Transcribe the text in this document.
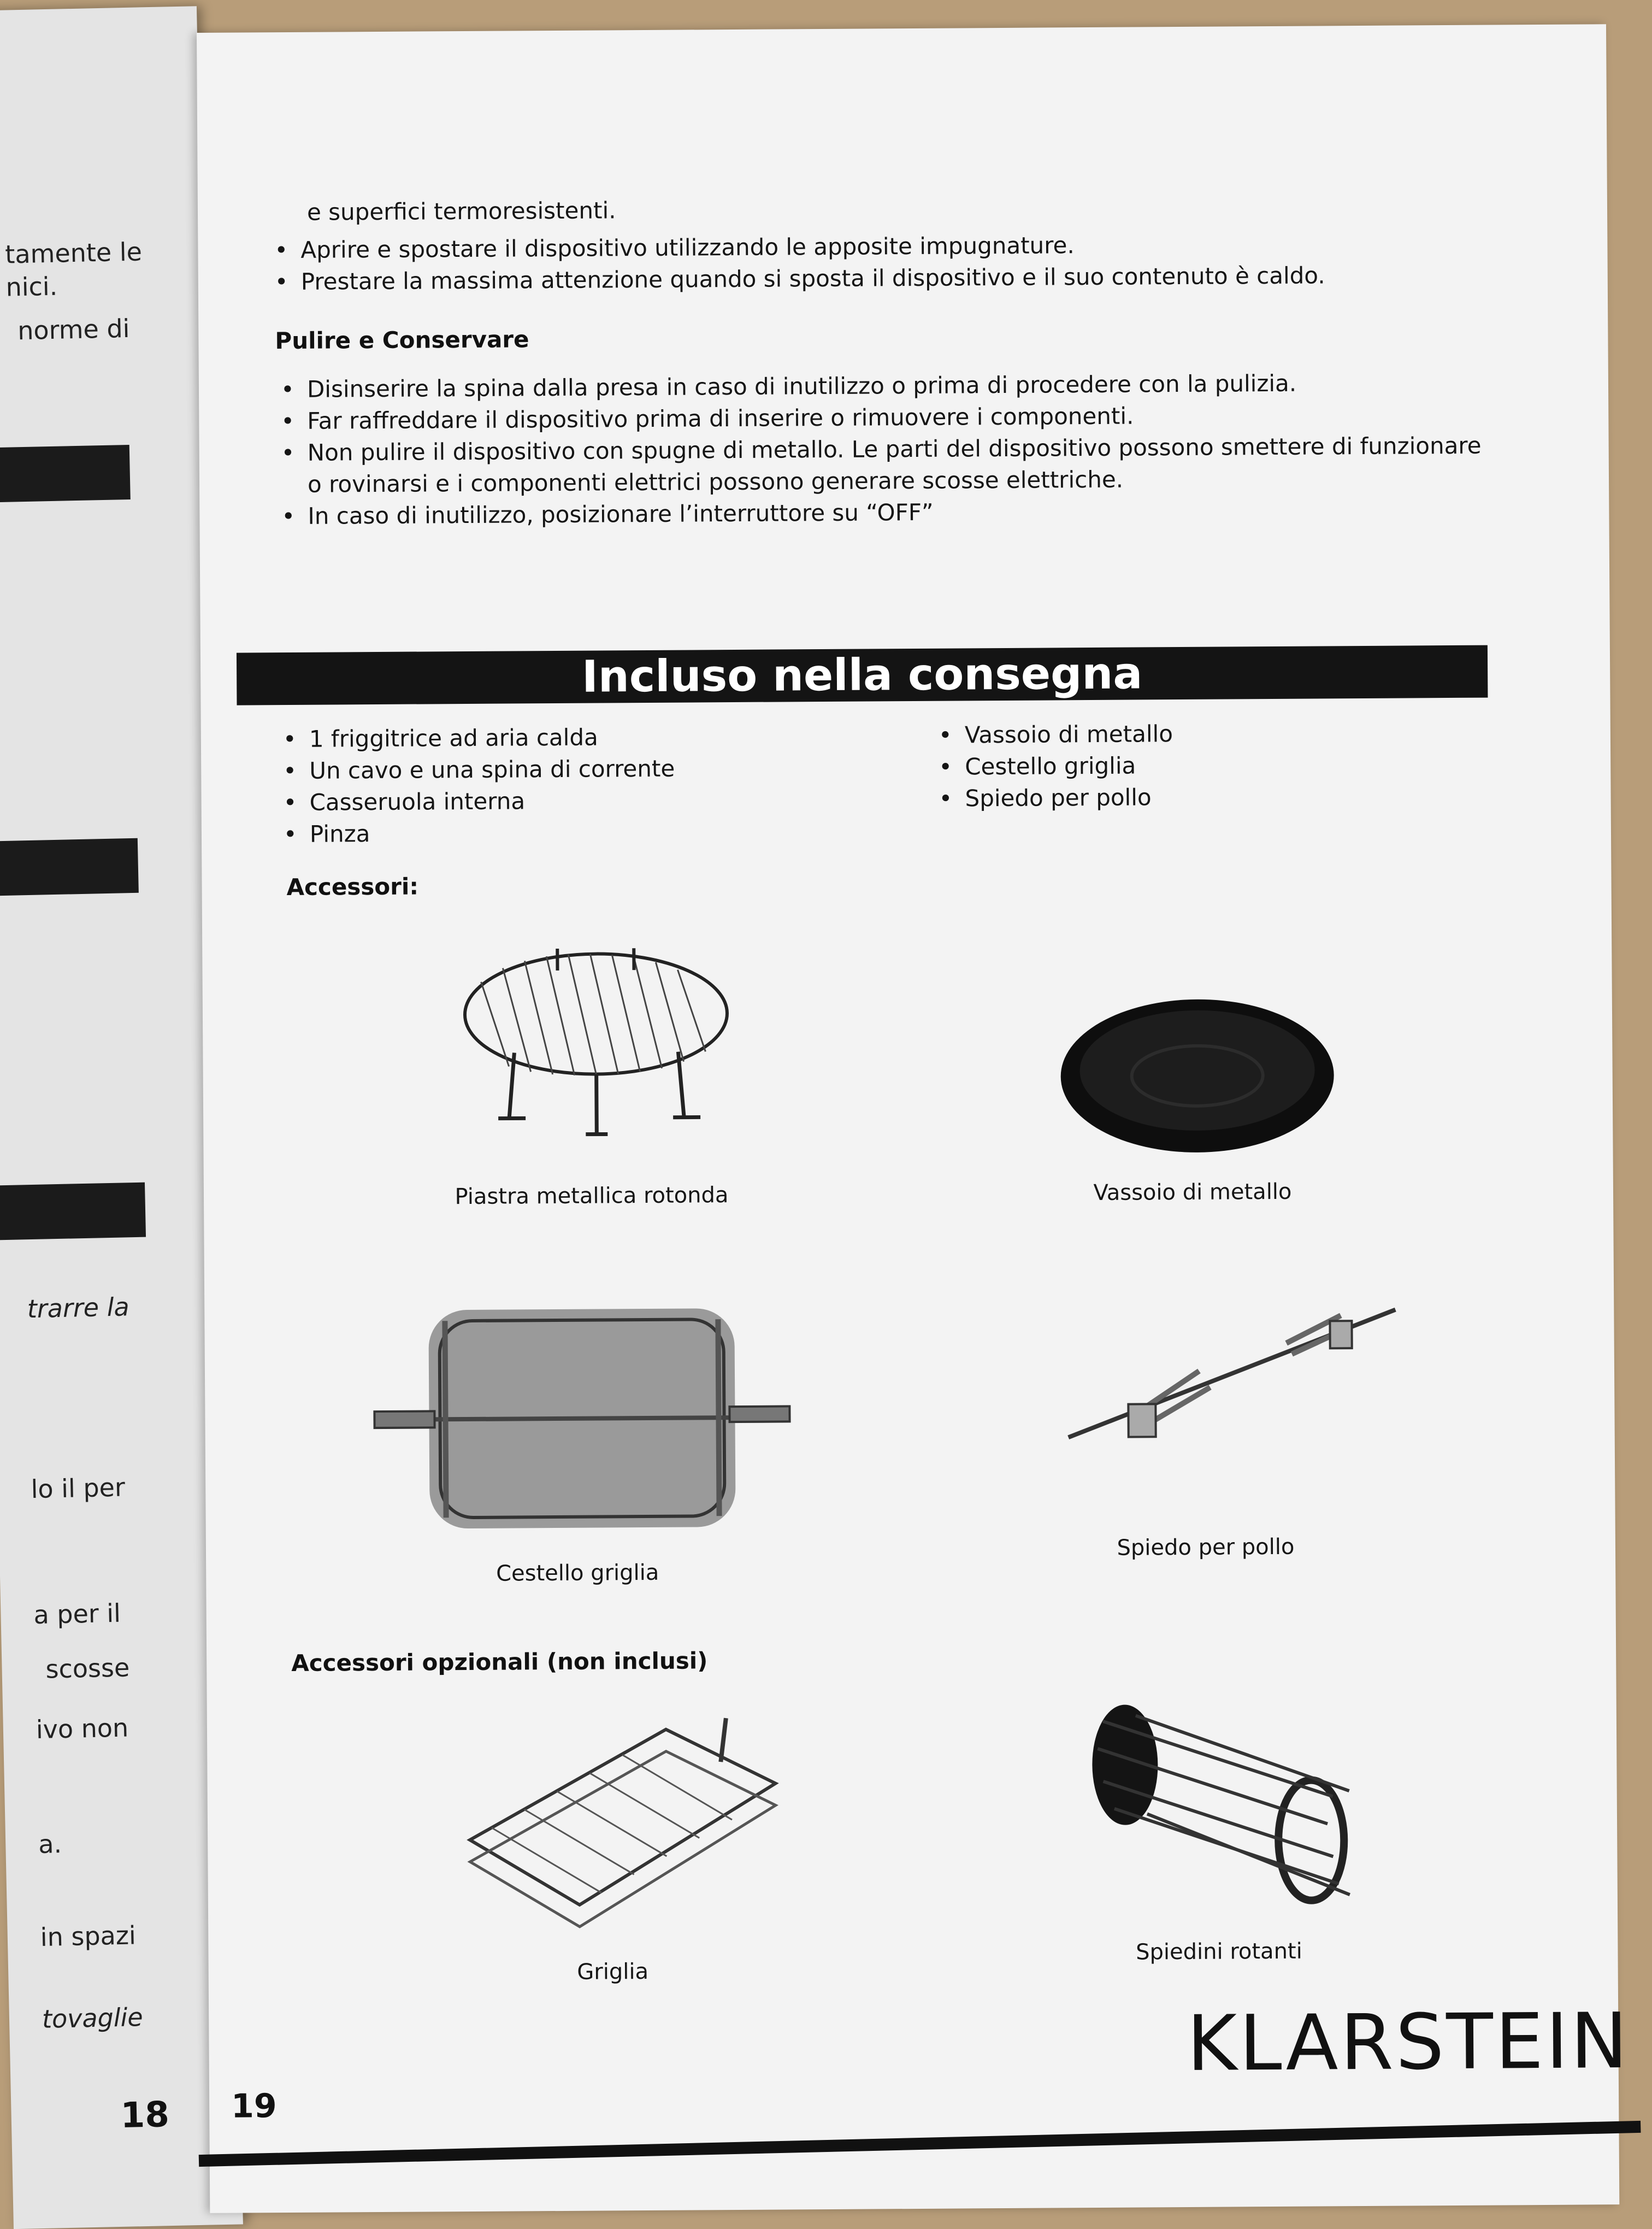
tamente le
nici.
norme di
trarre la
lo il per
a per il
scosse
ivo non
a.
in spazi
tovaglie
18
e superfici termoresistenti.
• Aprire e spostare il dispositivo utilizzando le apposite impugnature.
• Prestare la massima attenzione quando si sposta il dispositivo e il suo contenuto è caldo.
Pulire e Conservare
• Disinserire la spina dalla presa in caso di inutilizzo o prima di procedere con la pulizia.
• Far raffreddare il dispositivo prima di inserire o rimuovere i componenti.
• Non pulire il dispositivo con spugne di metallo. Le parti del dispositivo possono smettere di funzionare o rovinarsi e i componenti elettrici possono generare scosse elettriche.
• In caso di inutilizzo, posizionare l’interruttore su “OFF”
Incluso nella consegna
• 1 friggitrice ad aria calda
• Un cavo e una spina di corrente
• Casseruola interna
• Pinza
• Vassoio di metallo
• Cestello griglia
• Spiedo per pollo
Accessori:
Piastra metallica rotonda	Vassoio di metallo
Cestello griglia
Spiedo per pollo
Accessori opzionali (non inclusi)
Griglia
Spiedini rotanti
19
KLARSTEIN
